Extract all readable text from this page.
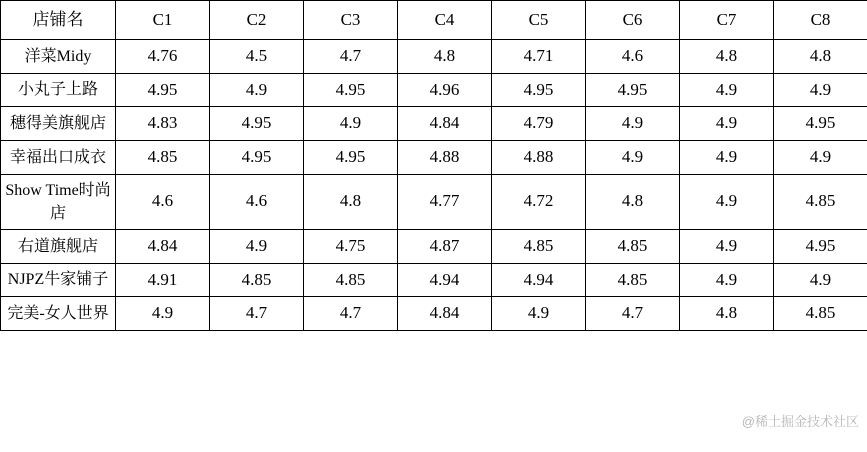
店铺名	C1	C2	C3	C4	C5	C6	C7	C8
洋菜Midy	4.76	4.5	4.7	4.8	4.71	4.6	4.8	4.8
小丸子上路	4.95	4.9	4.95	4.96	4.95	4.95	4.9	4.9
穗得美旗舰店	4.83	4.95	4.9	4.84	4.79	4.9	4.9	4.95
幸福出口成衣	4.85	4.95	4.95	4.88	4.88	4.9	4.9	4.9
Show Time时尚店	4.6	4.6	4.8	4.77	4.72	4.8	4.9	4.85
右道旗舰店	4.84	4.9	4.75	4.87	4.85	4.85	4.9	4.95
NJPZ牛家铺子	4.91	4.85	4.85	4.94	4.94	4.85	4.9	4.9
完美-女人世界	4.9	4.7	4.7	4.84	4.9	4.7	4.8	4.85
@稀土掘金技术社区
